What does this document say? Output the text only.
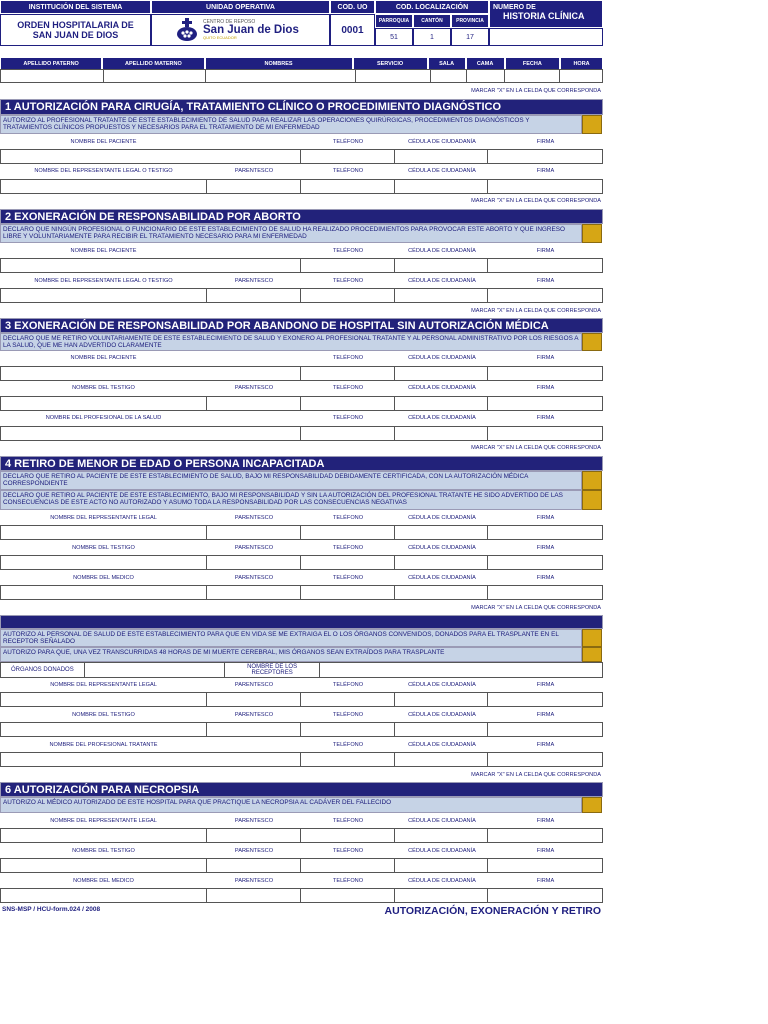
INSTITUCIÓN DEL SISTEMA	UNIDAD OPERATIVA	COD. UO	COD. LOCALIZACIÓN	NUMERO DE
HISTORIA CLÍNICA
ORDEN HOSPITALARIA DE SAN JUAN DE DIOS
CENTRO DE REPOSO
San Juan de Dios
QUITO ECUADOR
0001
PARROQUIA CANTÓN	PROVINCIA
51	1	17
APELLIDO PATERNO	APELLIDO MATERNO	NOMBRES	SERVICIO	SALA	CAMA	FECHA	HORA
MARCAR "X" EN LA CELDA QUE CORRESPONDA
1 AUTORIZACIÓN PARA CIRUGÍA, TRATAMIENTO CLÍNICO O PROCEDIMIENTO DIAGNÓSTICO
AUTORIZO AL PROFESIONAL TRATANTE DE ESTE ESTABLECIMIENTO DE SALUD PARA REALIZAR LAS OPERACIONES QUIRÚRGICAS, PROCEDIMIENTOS DIAGNÓSTICOS Y TRATAMIENTOS CLÍNICOS PROPUESTOS Y NECESARIOS PARA EL TRATAMIENTO DE MI ENFERMEDAD
NOMBRE DEL PACIENTE	TELÉFONO	CÉDULA DE CIUDADANÍA	FIRMA
NOMBRE DEL REPRESENTANTE LEGAL O TESTIGO	PARENTESCO	TELÉFONO	CÉDULA DE CIUDADANÍA	FIRMA
MARCAR "X" EN LA CELDA QUE CORRESPONDA
2 EXONERACIÓN DE RESPONSABILIDAD POR ABORTO
DECLARO QUE NINGÚN PROFESIONAL O FUNCIONARIO DE ESTE ESTABLECIMIENTO DE SALUD HA REALIZADO PROCEDIMIENTOS PARA PROVOCAR ESTE ABORTO Y QUE INGRESO LIBRE Y VOLUNTARIAMENTE PARA RECIBIR EL TRATAMIENTO NECESARIO PARA MI ENFERMEDAD
NOMBRE DEL PACIENTE	TELÉFONO	CÉDULA DE CIUDADANÍA	FIRMA
NOMBRE DEL REPRESENTANTE LEGAL O TESTIGO	PARENTESCO	TELÉFONO	CÉDULA DE CIUDADANÍA	FIRMA
MARCAR "X" EN LA CELDA QUE CORRESPONDA
3 EXONERACIÓN DE RESPONSABILIDAD POR ABANDONO DE HOSPITAL SIN AUTORIZACIÓN MÉDICA
DECLARO QUE ME RETIRO VOLUNTARIAMENTE DE ESTE ESTABLECIMIENTO DE SALUD Y EXONERO AL PROFESIONAL TRATANTE Y AL PERSONAL ADMINISTRATIVO POR LOS RIESGOS A LA SALUD, QUE ME HAN ADVERTIDO CLARAMENTE
NOMBRE DEL PACIENTE	TELÉFONO	CÉDULA DE CIUDADANÍA	FIRMA
NOMBRE DEL TESTIGO	PARENTESCO	TELÉFONO	CÉDULA DE CIUDADANÍA	FIRMA
NOMBRE DEL PROFESIONAL DE LA SALUD	TELÉFONO	CÉDULA DE CIUDADANÍA	FIRMA
MARCAR "X" EN LA CELDA QUE CORRESPONDA
4 RETIRO DE MENOR DE EDAD O PERSONA INCAPACITADA
DECLARO QUE RETIRO AL PACIENTE DE ESTE ESTABLECIMIENTO DE SALUD, BAJO MI RESPONSABILIDAD DEBIDAMENTE CERTIFICADA, CON LA AUTORIZACIÓN MÉDICA CORRESPONDIENTE
DECLARO QUE RETIRO AL PACIENTE DE ESTE ESTABLECIMIENTO, BAJO MI RESPONSABILIDAD Y SIN LA AUTORIZACIÓN DEL PROFESIONAL TRATANTE HE SIDO ADVERTIDO DE LAS CONSECUENCIAS DE ESTE ACTO NO AUTORIZADO Y ASUMO TODA LA RESPONSABILIDAD POR LAS CONSECUENCIAS NEGATIVAS
NOMBRE DEL REPRESENTANTE LEGAL	PARENTESCO	TELÉFONO	CÉDULA DE CIUDADANÍA	FIRMA
NOMBRE DEL TESTIGO	PARENTESCO	TELÉFONO	CÉDULA DE CIUDADANÍA	FIRMA
NOMBRE DEL MEDICO	PARENTESCO	TELÉFONO	CÉDULA DE CIUDADANÍA	FIRMA
MARCAR "X" EN LA CELDA QUE CORRESPONDA
AUTORIZO AL PERSONAL DE SALUD DE ESTE ESTABLECIMIENTO PARA QUE EN VIDA SE ME EXTRAIGA EL O LOS ÓRGANOS CONVENIDOS, DONADOS PARA EL TRASPLANTE EN EL RECEPTOR SEÑALADO
AUTORIZO PARA QUE, UNA VEZ TRANSCURRIDAS 48 HORAS DE MI MUERTE CEREBRAL, MIS ÓRGANOS SEAN EXTRAÍDOS PARA TRASPLANTE
ÓRGANOS DONADOS
NOMBRE DE LOS RECEPTORES
NOMBRE DEL REPRESENTANTE LEGAL	PARENTESCO	TELÉFONO	CÉDULA DE CIUDADANÍA	FIRMA
NOMBRE DEL TESTIGO	PARENTESCO	TELÉFONO	CÉDULA DE CIUDADANÍA	FIRMA
NOMBRE DEL PROFESIONAL TRATANTE	TELÉFONO	CÉDULA DE CIUDADANÍA	FIRMA
MARCAR "X" EN LA CELDA QUE CORRESPONDA
6 AUTORIZACIÓN PARA NECROPSIA
AUTORIZO AL MÉDICO AUTORIZADO DE ESTE HOSPITAL PARA QUE PRACTIQUE LA NECROPSIA AL CADÁVER DEL FALLECIDO
NOMBRE DEL REPRESENTANTE LEGAL	PARENTESCO	TELÉFONO	CÉDULA DE CIUDADANÍA	FIRMA
NOMBRE DEL TESTIGO	PARENTESCO	TELÉFONO	CÉDULA DE CIUDADANÍA	FIRMA
NOMBRE DEL MEDICO	PARENTESCO	TELÉFONO	CÉDULA DE CIUDADANÍA	FIRMA
SNS-MSP / HCU-form.024 / 2008	AUTORIZACIÓN, EXONERACIÓN Y RETIRO
